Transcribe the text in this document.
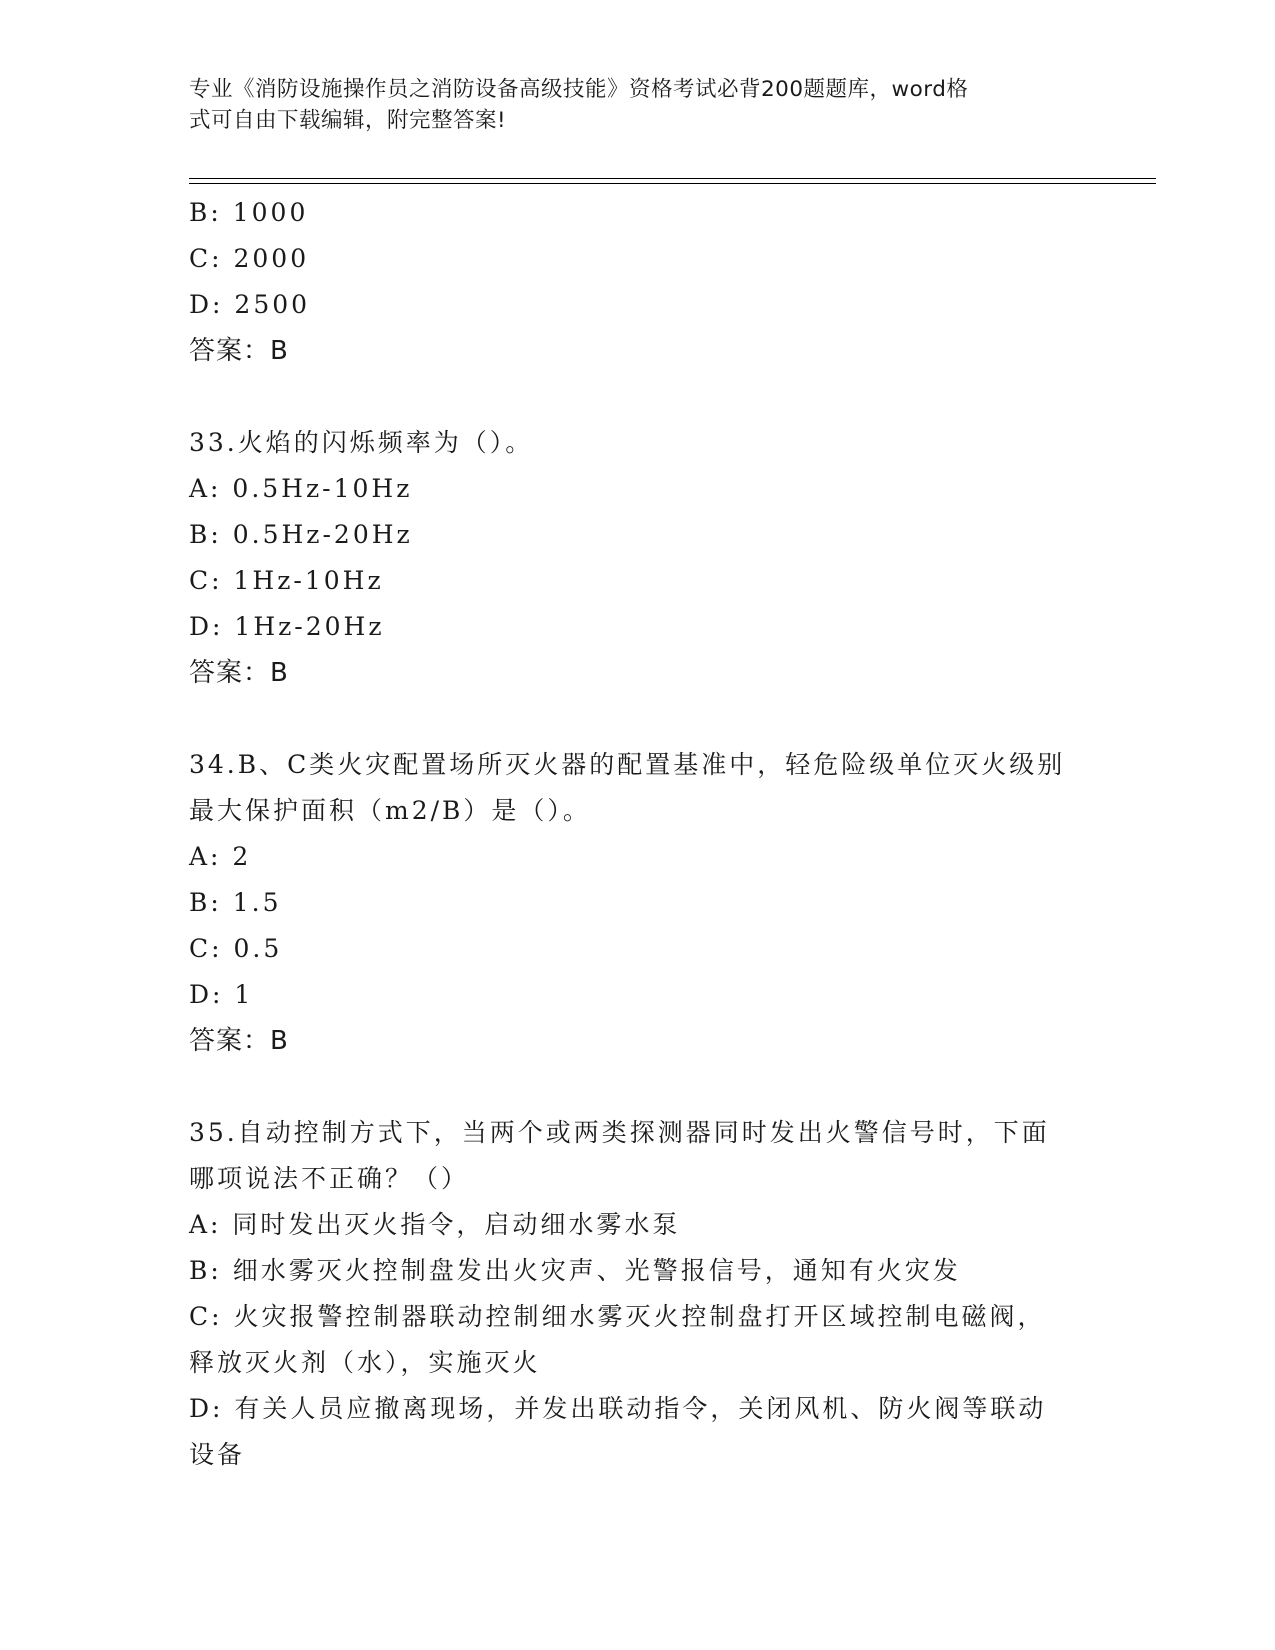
专业《消防设施操作员之消防设备高级技能》资格考试必背200题题库，word格
式可自由下载编辑，附完整答案!
B: 1000
C: 2000
D: 2500
答案：B
33.火焰的闪烁频率为（）。
A: 0.5Hz-10Hz
B: 0.5Hz-20Hz
C: 1Hz-10Hz
D: 1Hz-20Hz
答案：B
34.B、C类火灾配置场所灭火器的配置基准中，轻危险级单位灭火级别
最大保护面积（m2/B）是（）。
A: 2
B: 1.5
C: 0.5
D: 1
答案：B
35.自动控制方式下，当两个或两类探测器同时发出火警信号时，下面
哪项说法不正确？（）
A: 同时发出灭火指令，启动细水雾水泵
B: 细水雾灭火控制盘发出火灾声、光警报信号，通知有火灾发
C: 火灾报警控制器联动控制细水雾灭火控制盘打开区域控制电磁阀，
释放灭火剂（水），实施灭火
D: 有关人员应撤离现场，并发出联动指令，关闭风机、防火阀等联动
设备
